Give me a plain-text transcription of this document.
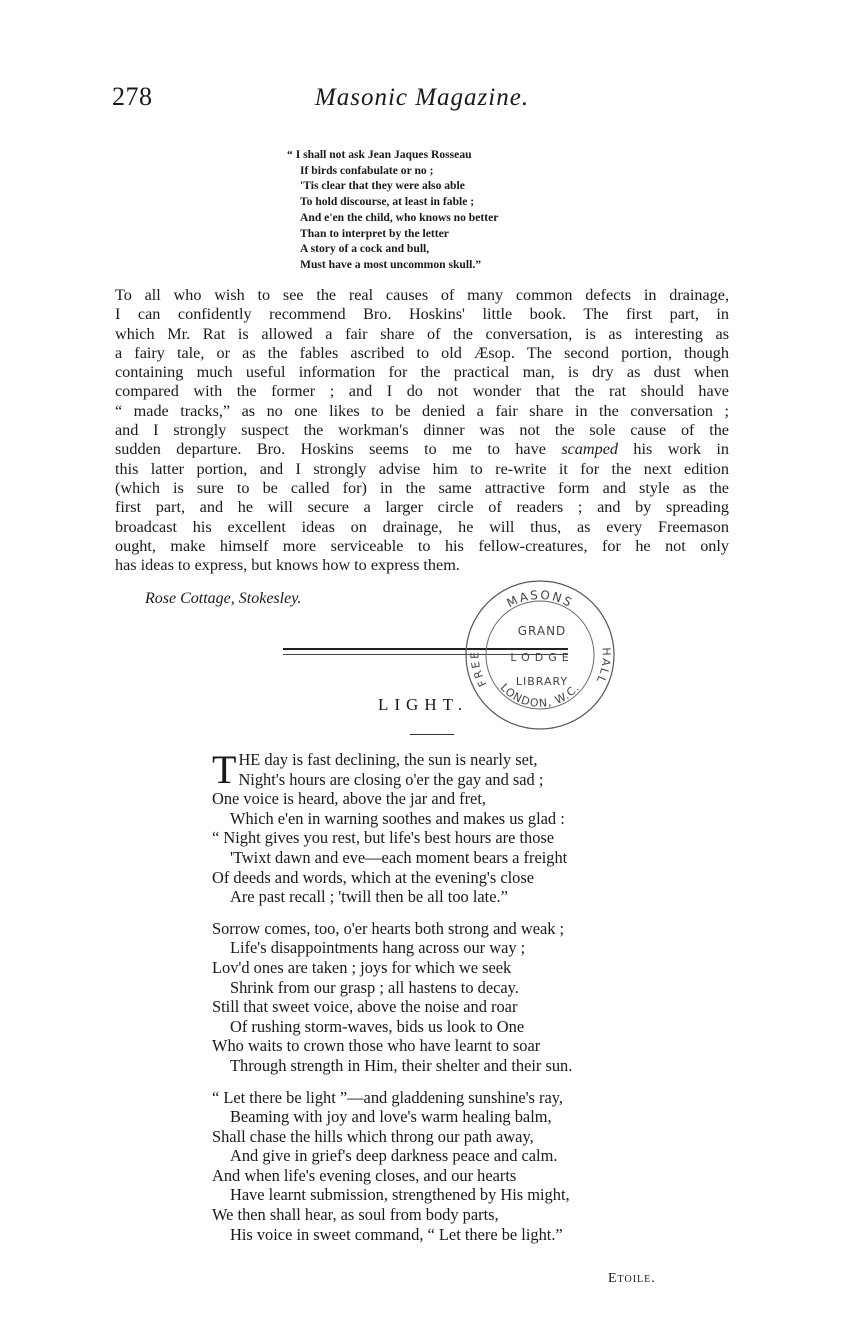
278	Masonic Magazine.
“ I shall not ask Jean Jaques Rosseau
If birds confabulate or no ;
'Tis clear that they were also able
To hold discourse, at least in fable ;
And e'en the child, who knows no better
Than to interpret by the letter
A story of a cock and bull,
Must have a most uncommon skull.”
To all who wish to see the real causes of many common defects in drainage,
I can confidently recommend Bro. Hoskins' little book. The first part, in
which Mr. Rat is allowed a fair share of the conversation, is as interesting as
a fairy tale, or as the fables ascribed to old Æsop. The second portion, though
containing much useful information for the practical man, is dry as dust when
compared with the former ; and I do not wonder that the rat should have
“ made tracks,” as no one likes to be denied a fair share in the conversation ;
and I strongly suspect the workman's dinner was not the sole cause of the
sudden departure. Bro. Hoskins seems to me to have scamped his work in
this latter portion, and I strongly advise him to re-write it for the next edition
(which is sure to be called for) in the same attractive form and style as the
first part, and he will secure a larger circle of readers ; and by spreading
broadcast his excellent ideas on drainage, he will thus, as every Freemason
ought, make himself more serviceable to his fellow-creatures, for he not only
has ideas to express, but knows how to express them.
Rose Cottage, Stokesley.	MASONS
FREE	HALL
LONDON, W.C.
GRAND
LODGE
LIBRARY
LIGHT.
THE day is fast declining, the sun is nearly set,
Night's hours are closing o'er the gay and sad ;
One voice is heard, above the jar and fret,
Which e'en in warning soothes and makes us glad :
“ Night gives you rest, but life's best hours are those
'Twixt dawn and eve—each moment bears a freight
Of deeds and words, which at the evening's close
Are past recall ; 'twill then be all too late.”
Sorrow comes, too, o'er hearts both strong and weak ;
Life's disappointments hang across our way ;
Lov'd ones are taken ; joys for which we seek
Shrink from our grasp ; all hastens to decay.
Still that sweet voice, above the noise and roar
Of rushing storm-waves, bids us look to One
Who waits to crown those who have learnt to soar
Through strength in Him, their shelter and their sun.
“ Let there be light ”—and gladdening sunshine's ray,
Beaming with joy and love's warm healing balm,
Shall chase the hills which throng our path away,
And give in grief's deep darkness peace and calm.
And when life's evening closes, and our hearts
Have learnt submission, strengthened by His might,
We then shall hear, as soul from body parts,
His voice in sweet command, “ Let there be light.”
Etoile.
